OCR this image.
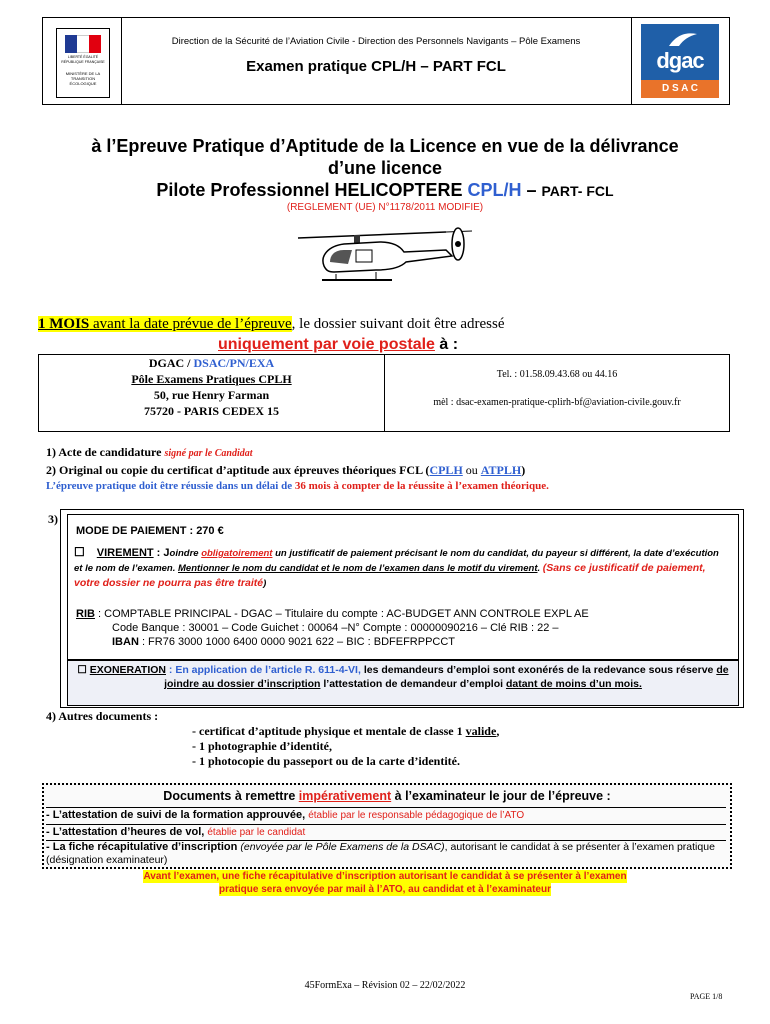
LIBERTÉ ÉGALITÉ
RÉPUBLIQUE FRANÇAISE
MINISTÈRE DE LA TRANSITION ÉCOLOGIQUE
Direction de la Sécurité de l’Aviation Civile - Direction des Personnels Navigants – Pôle Examens
Examen pratique CPL/H – PART FCL	dgac
D S A C
à l’Epreuve Pratique d’Aptitude de la Licence en vue de la délivrance
d’une licence
Pilote Professionnel HELICOPTERE CPL/H – PART- FCL
(REGLEMENT (UE) N°1178/2011 MODIFIE)
1 MOIS avant la date prévue de l’épreuve, le dossier suivant doit être adressé
uniquement par voie postale à :
DGAC / DSAC/PN/EXA
Pôle Examens Pratiques CPLH
50, rue Henry Farman
75720 - PARIS CEDEX 15
Tel. : 01.58.09.43.68 ou 44.16
mèl : dsac-examen-pratique-cplirh-bf@aviation-civile.gouv.fr
1) Acte de candidature signé par le Candidat
2) Original ou copie du certificat d’aptitude aux épreuves théoriques FCL (CPLH ou ATPLH)
L’épreuve pratique doit être réussie dans un délai de 36 mois à compter de la réussite à l’examen théorique.
3)
MODE DE PAIEMENT : 270 €
☐ VIREMENT : Joindre obligatoirement un justificatif de paiement précisant le nom du candidat, du payeur si différent, la date d’exécution et le nom de l’examen. Mentionner le nom du candidat et le nom de l’examen dans le motif du virement. (Sans ce justificatif de paiement, votre dossier ne pourra pas être traité)
RIB : COMPTABLE PRINCIPAL - DGAC – Titulaire du compte : AC-BUDGET ANN CONTROLE EXPL AE
Code Banque : 30001 – Code Guichet : 00064 –N° Compte : 00000090216 – Clé RIB : 22 –
IBAN : FR76 3000 1000 6400 0000 9021 622 – BIC : BDFEFRPPCCT
☐ EXONERATION : En application de l’article R. 611-4-VI, les demandeurs d’emploi sont exonérés de la redevance sous réserve de joindre au dossier d’inscription l’attestation de demandeur d’emploi datant de moins d’un mois.
4) Autres documents :
- certificat d’aptitude physique et mentale de classe 1 valide,
- 1 photographie d’identité,
- 1 photocopie du passeport ou de la carte d’identité.
Documents à remettre impérativement à l’examinateur le jour de l’épreuve :
- L’attestation de suivi de la formation approuvée, établie par le responsable pédagogique de l’ATO
- L’attestation d’heures de vol, établie par le candidat
- La fiche récapitulative d’inscription (envoyée par le Pôle Examens de la DSAC), autorisant le candidat à se présenter à l’examen pratique (désignation examinateur)
Avant l’examen, une fiche récapitulative d’inscription autorisant le candidat à se présenter à l’examen
pratique sera envoyée par mail à l’ATO, au candidat et à l’examinateur
45FormExa – Révision 02 – 22/02/2022
PAGE 1/8
